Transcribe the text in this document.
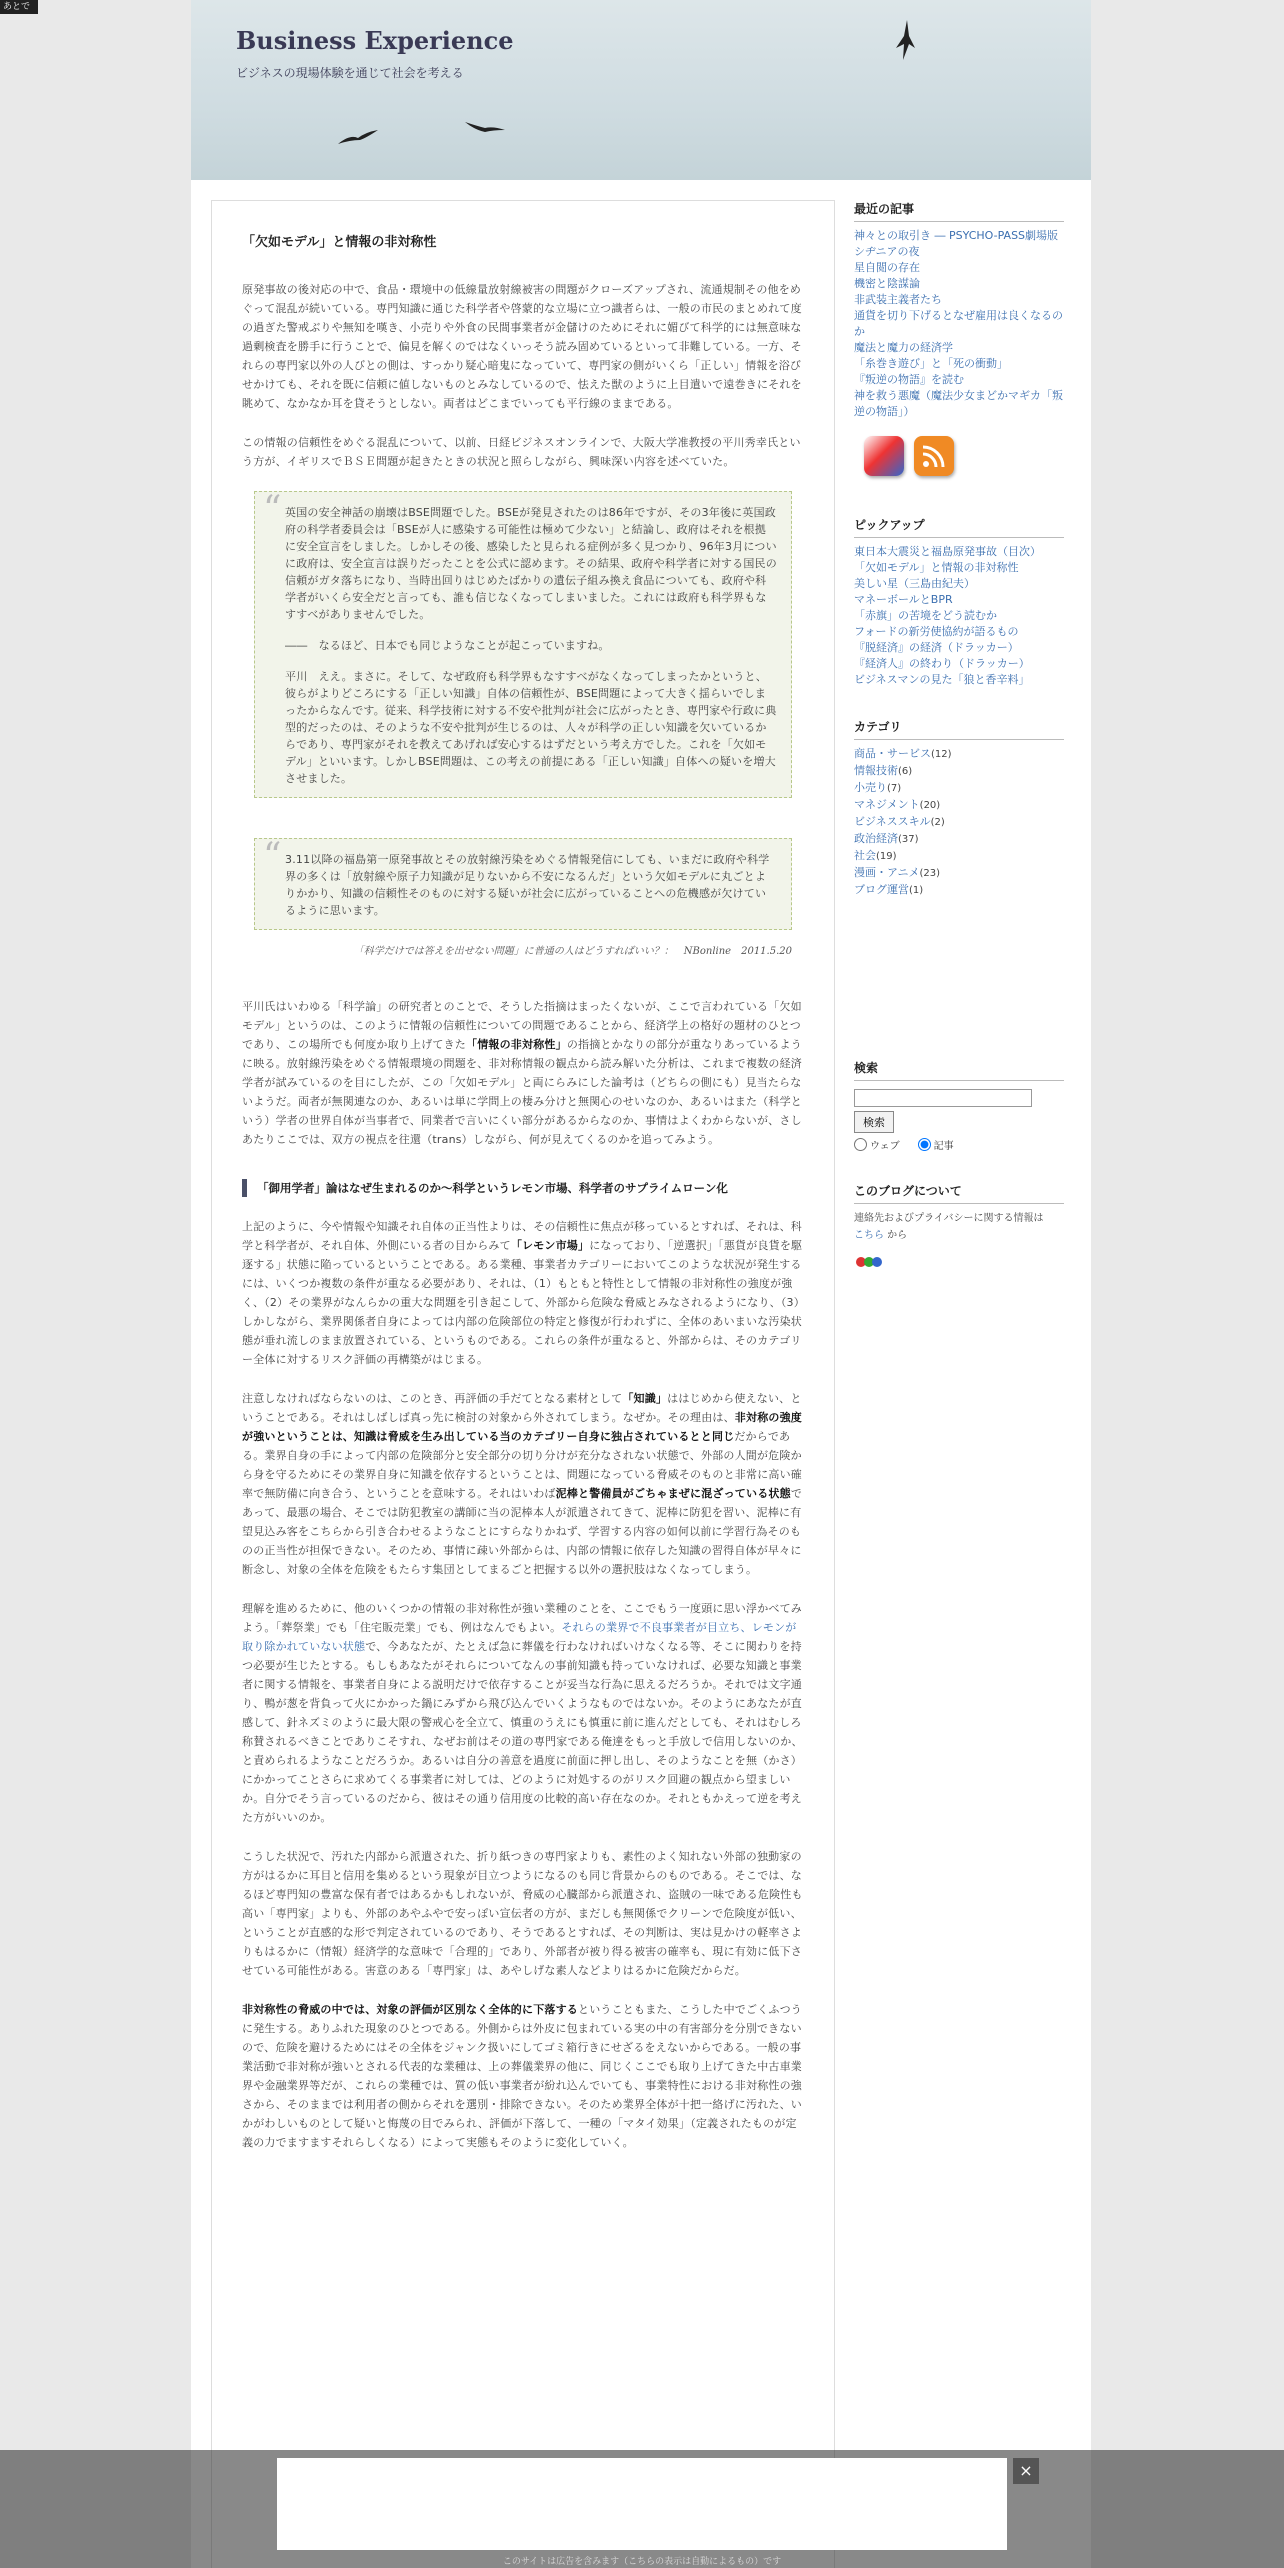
あとで
Business Experience
ビジネスの現場体験を通じて社会を考える
「欠如モデル」と情報の非対称性

原発事故の後対応の中で、食品・環境中の低線量放射線被害の問題がクローズアップされ、流通規制その他をめぐって混乱が続いている。専門知識に通じた科学者や啓蒙的な立場に立つ識者らは、一般の市民のまとめれて度の過ぎた警戒ぶりや無知を嘆き、小売りや外食の民間事業者が金儲けのためにそれに媚びて科学的には無意味な過剰検査を勝手に行うことで、偏見を解くのではなくいっそう読み固めているといって非難している。一方、それらの専門家以外の人びとの側は、すっかり疑心暗鬼になっていて、専門家の側がいくら「正しい」情報を浴びせかけても、それを既に信頼に値しないものとみなしているので、怯えた獣のように上目遣いで遠巻きにそれを眺めて、なかなか耳を貸そうとしない。両者はどこまでいっても平行線のままである。

この情報の信頼性をめぐる混乱について、以前、日経ビジネスオンラインで、大阪大学准教授の平川秀幸氏という方が、イギリスでＢＳＥ問題が起きたときの状況と照らしながら、興味深い内容を述べていた。

“ 英国の安全神話の崩壊はBSE問題でした。BSEが発見されたのは86年ですが、その3年後に英国政府の科学者委員会は「BSEが人に感染する可能性は極めて少ない」と結論し、政府はそれを根拠に安全宣言をしました。しかしその後、感染したと見られる症例が多く見つかり、96年3月についに政府は、安全宣言は誤りだったことを公式に認めます。その結果、政府や科学者に対する国民の信頼がガタ落ちになり、当時出回りはじめたばかりの遺伝子組み換え食品についても、政府や科学者がいくら安全だと言っても、誰も信じなくなってしまいました。これには政府も科学界もなすすべがありませんでした。

――　なるほど、日本でも同じようなことが起こっていますね。

平川　ええ。まさに。そして、なぜ政府も科学界もなすすべがなくなってしまったかというと、彼らがよりどころにする「正しい知識」自体の信頼性が、BSE問題によって大きく揺らいでしまったからなんです。従来、科学技術に対する不安や批判が社会に広がったとき、専門家や行政に典型的だったのは、そのような不安や批判が生じるのは、人々が科学の正しい知識を欠いているからであり、専門家がそれを教えてあげれば安心するはずだという考え方でした。これを「欠如モデル」といいます。しかしBSE問題は、この考えの前提にある「正しい知識」自体への疑いを増大させました。

“ 3.11以降の福島第一原発事故とその放射線汚染をめぐる情報発信にしても、いまだに政府や科学界の多くは「放射線や原子力知識が足りないから不安になるんだ」という欠如モデルに丸ごとよりかかり、知識の信頼性そのものに対する疑いが社会に広がっていることへの危機感が欠けているように思います。

「科学だけでは答えを出せない問題」に普通の人はどうすればいい？：　NBonline　2011.5.20

平川氏はいわゆる「科学論」の研究者とのことで、そうした指摘はまったくないが、ここで言われている「欠如モデル」というのは、このように情報の信頼性についての問題であることから、経済学上の格好の題材のひとつであり、この場所でも何度か取り上げてきた「情報の非対称性」の指摘とかなりの部分が重なりあっているように映る。放射線汚染をめぐる情報環境の問題を、非対称情報の観点から読み解いた分析は、これまで複数の経済学者が試みているのを目にしたが、この「欠如モデル」と両にらみにした論考は（どちらの側にも）見当たらないようだ。両者が無関連なのか、あるいは単に学問上の棲み分けと無関心のせいなのか、あるいはまた（科学という）学者の世界自体が当事者で、同業者で言いにくい部分があるからなのか、事情はよくわからないが、さしあたりここでは、双方の視点を往還（trans）しながら、何が見えてくるのかを追ってみよう。

「御用学者」論はなぜ生まれるのか～科学というレモン市場、科学者のサプライムローン化

上記のように、今や情報や知識それ自体の正当性よりは、その信頼性に焦点が移っているとすれば、それは、科学と科学者が、それ自体、外側にいる者の目からみて「レモン市場」になっており、「逆選択」「悪貨が良貨を駆逐する」状態に陥っているということである。ある業種、事業者カテゴリーにおいてこのような状況が発生するには、いくつか複数の条件が重なる必要があり、それは、（1）もともと特性として情報の非対称性の強度が強く、（2）その業界がなんらかの重大な問題を引き起こして、外部から危険な脅威とみなされるようになり、（3）しかしながら、業界関係者自身によっては内部の危険部位の特定と修復が行われずに、全体のあいまいな汚染状態が垂れ流しのまま放置されている、というものである。これらの条件が重なると、外部からは、そのカテゴリー全体に対するリスク評価の再構築がはじまる。

注意しなければならないのは、このとき、再評価の手だてとなる素材として「知識」ははじめから使えない、ということである。それはしばしば真っ先に検討の対象から外されてしまう。なぜか。その理由は、非対称の強度が強いということは、知識は脅威を生み出している当のカテゴリー自身に独占されているとと同じだからである。業界自身の手によって内部の危険部分と安全部分の切り分けが充分なされない状態で、外部の人間が危険から身を守るためにその業界自身に知識を依存するということは、問題になっている脅威そのものと非常に高い確率で無防備に向き合う、ということを意味する。それはいわば泥棒と警備員がごちゃまぜに混ざっている状態であって、最悪の場合、そこでは防犯教室の講師に当の泥棒本人が派遣されてきて、泥棒に防犯を習い、泥棒に有望見込み客をこちらから引き合わせるようなことにすらなりかねず、学習する内容の如何以前に学習行為そのものの正当性が担保できない。そのため、事情に疎い外部からは、内部の情報に依存した知識の習得自体が早々に断念し、対象の全体を危険をもたらす集団としてまるごと把握する以外の選択肢はなくなってしまう。

理解を進めるために、他のいくつかの情報の非対称性が強い業種のことを、ここでもう一度頭に思い浮かべてみよう。「葬祭業」でも「住宅販売業」でも、例はなんでもよい。それらの業界で不良事業者が目立ち、レモンが取り除かれていない状態で、今あなたが、たとえば急に葬儀を行わなければいけなくなる等、そこに関わりを持つ必要が生じたとする。もしもあなたがそれらについてなんの事前知識も持っていなければ、必要な知識と事業者に関する情報を、事業者自身による説明だけで依存することが妥当な行為に思えるだろうか。それでは文字通り、鴨が葱を背負って火にかかった鍋にみずから飛び込んでいくようなものではないか。そのようにあなたが直感して、針ネズミのように最大限の警戒心を全立て、慎重のうえにも慎重に前に進んだとしても、それはむしろ称賛されるべきことでありこそすれ、なぜお前はその道の専門家である俺達をもっと手放しで信用しないのか、と責められるようなことだろうか。あるいは自分の善意を過度に前面に押し出し、そのようなことを無（かさ）にかかってことさらに求めてくる事業者に対しては、どのように対処するのがリスク回避の観点から望ましいか。自分でそう言っているのだから、彼はその通り信用度の比較的高い存在なのか。それともかえって逆を考えた方がいいのか。

こうした状況で、汚れた内部から派遣された、折り紙つきの専門家よりも、素性のよく知れない外部の独動家の方がはるかに耳目と信用を集めるという現象が目立つようになるのも同じ背景からのものである。そこでは、なるほど専門知の豊富な保有者ではあるかもしれないが、脅威の心臓部から派遣され、盗賊の一味である危険性も高い「専門家」よりも、外部のあやふやで安っぽい宣伝者の方が、まだしも無関係でクリーンで危険度が低い、ということが直感的な形で判定されているのであり、そうであるとすれば、その判断は、実は見かけの軽率さよりもはるかに（情報）経済学的な意味で「合理的」であり、外部者が被り得る被害の確率も、現に有効に低下させている可能性がある。害意のある「専門家」は、あやしげな素人などよりはるかに危険だからだ。

非対称性の脅威の中では、対象の評価が区別なく全体的に下落するということもまた、こうした中でごくふつうに発生する。ありふれた現象のひとつである。外側からは外皮に包まれている実の中の有害部分を分別できないので、危険を避けるためにはその全体をジャンク扱いにしてゴミ箱行きにせざるをえないからである。一般の事業活動で非対称が強いとされる代表的な業種は、上の葬儀業界の他に、同じくここでも取り上げてきた中古車業界や金融業界等だが、これらの業種では、質の低い事業者が紛れ込んでいても、事業特性における非対称性の強さから、そのままでは利用者の側からそれを選別・排除できない。そのため業界全体が十把一絡げに汚れた、いかがわしいものとして疑いと悔蔑の目でみられ、評価が下落して、一種の「マタイ効果」（定義されたものが定義の力でますますそれらしくなる）によって実態もそのように変化していく。

最近の記事
神々との取引き ― PSYCHO-PASS劇場版
シヂニアの夜
星自閲の存在
機密と陰謀論
非武装主義者たち
通貨を切り下げるとなぜ雇用は良くなるのか
魔法と魔力の経済学
「糸巻き遊び」と「死の衝動」
『叛逆の物語』を読む
神を救う悪魔（魔法少女まどかマギカ「叛逆の物語」）
ピックアップ
東日本大震災と福島原発事故（目次）
「欠如モデル」と情報の非対称性
美しい星（三島由紀夫）
マネーボールとBPR
「赤旗」の苦境をどう読むか
フォードの新労使協約が語るもの
『脱経済』の経済（ドラッカー）
『経済人』の終わり（ドラッカー）
ビジネスマンの見た「狼と香辛料」
カテゴリ
商品・サービス(12)
情報技術(6)
小売り(7)
マネジメント(20)
ビジネススキル(2)
政治経済(37)
社会(19)
漫画・アニメ(23)
ブログ運営(1)
検索
検索
ウェブ	記事
このブログについて
連絡先およびプライバシーに関する情報は
こちら から
×
このサイトは広告を含みます（こちらの表示は自動によるもの）です
